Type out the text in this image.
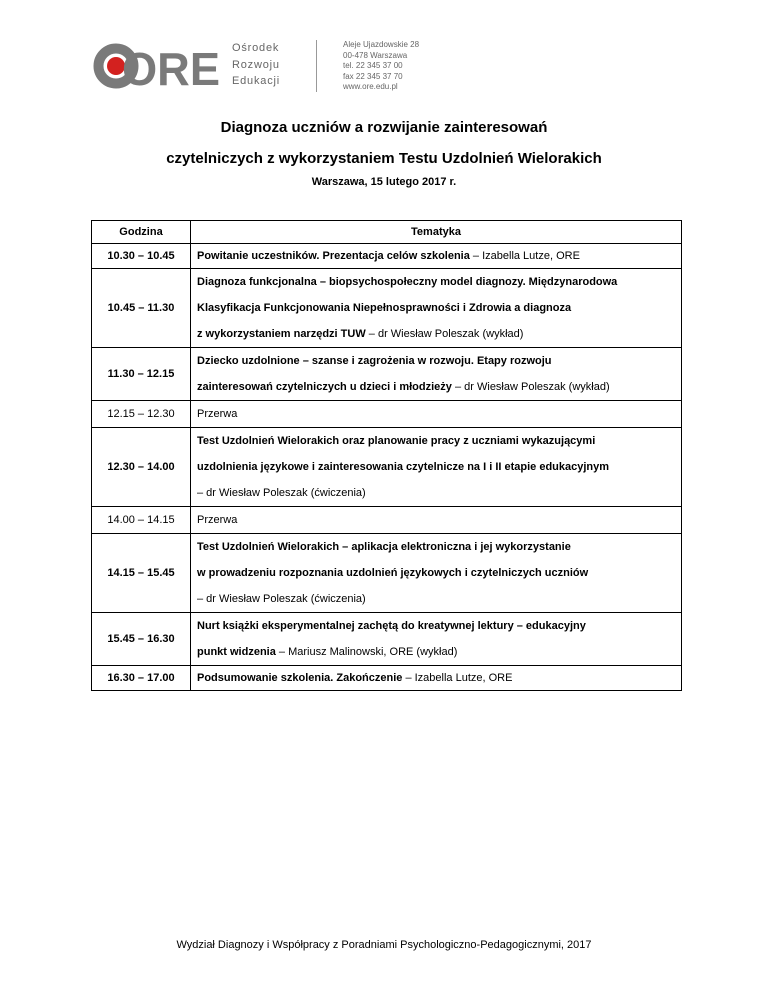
ORE Ośrodek
Rozwoju
Edukacji
Aleje Ujazdowskie 28
00-478 Warszawa
tel. 22 345 37 00
fax 22 345 37 70
www.ore.edu.pl
Diagnoza uczniów a rozwijanie zainteresowań
czytelniczych z wykorzystaniem Testu Uzdolnień Wielorakich
Warszawa, 15 lutego 2017 r.
Godzina	Tematyka
10.30 – 10.45	Powitanie uczestników. Prezentacja celów szkolenia – Izabella Lutze, ORE

10.45 – 11.30	Diagnoza funkcjonalna – biopsychospołeczny model diagnozy. Międzynarodowa
Klasyfikacja Funkcjonowania Niepełnosprawności i Zdrowia a diagnoza
z wykorzystaniem narzędzi TUW – dr Wiesław Poleszak (wykład)

11.30 – 12.15	Dziecko uzdolnione – szanse i zagrożenia w rozwoju. Etapy rozwoju
zainteresowań czytelniczych u dzieci i młodzieży – dr Wiesław Poleszak (wykład)

12.15 – 12.30	Przerwa

12.30 – 14.00	Test Uzdolnień Wielorakich oraz planowanie pracy z uczniami wykazującymi
uzdolnienia językowe i zainteresowania czytelnicze na I i II etapie edukacyjnym
– dr Wiesław Poleszak (ćwiczenia)

14.00 – 14.15	Przerwa

14.15 – 15.45	Test Uzdolnień Wielorakich – aplikacja elektroniczna i jej wykorzystanie
w prowadzeniu rozpoznania uzdolnień językowych i czytelniczych uczniów
– dr Wiesław Poleszak (ćwiczenia)

15.45 – 16.30	Nurt książki eksperymentalnej zachętą do kreatywnej lektury – edukacyjny
punkt widzenia – Mariusz Malinowski, ORE (wykład)

16.30 – 17.00	Podsumowanie szkolenia. Zakończenie – Izabella Lutze, ORE
Wydział Diagnozy i Współpracy z Poradniami Psychologiczno-Pedagogicznymi, 2017
